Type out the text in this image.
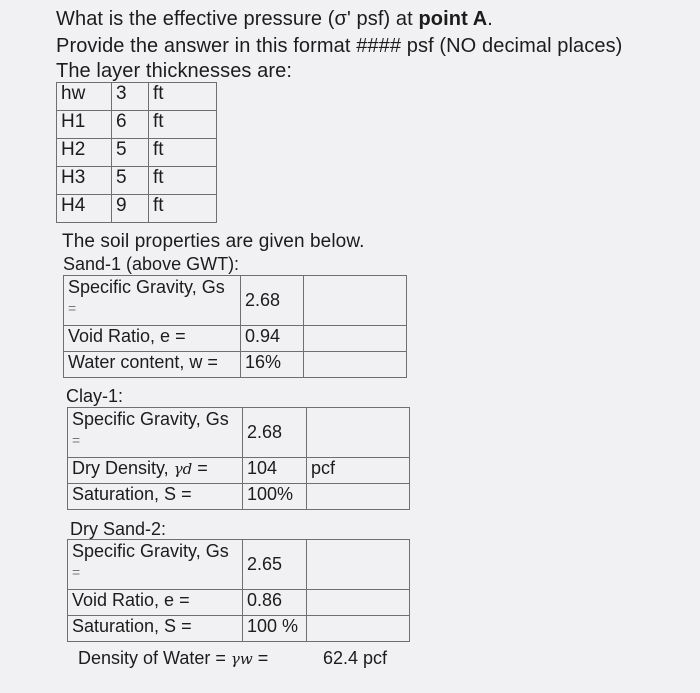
What is the effective pressure (σ' psf) at point A.
Provide the answer in this format #### psf (NO decimal places)
The layer thicknesses are:
hw	3	ft
H1	6	ft
H2	5	ft
H3	5	ft
H4	9	ft
The soil properties are given below.
Sand-1 (above GWT):
Specific Gravity, Gs
=	2.68	
Void Ratio, e =	0.94	
Water content, w =	16%	
Clay-1:
Specific Gravity, Gs
=	2.68	
Dry Density, γd =	104	pcf
Saturation, S =	100%	
Dry Sand-2:
Specific Gravity, Gs
=	2.65	
Void Ratio, e =	0.86	
Saturation, S =	100 %	
Density of Water = γw =	62.4 pcf
